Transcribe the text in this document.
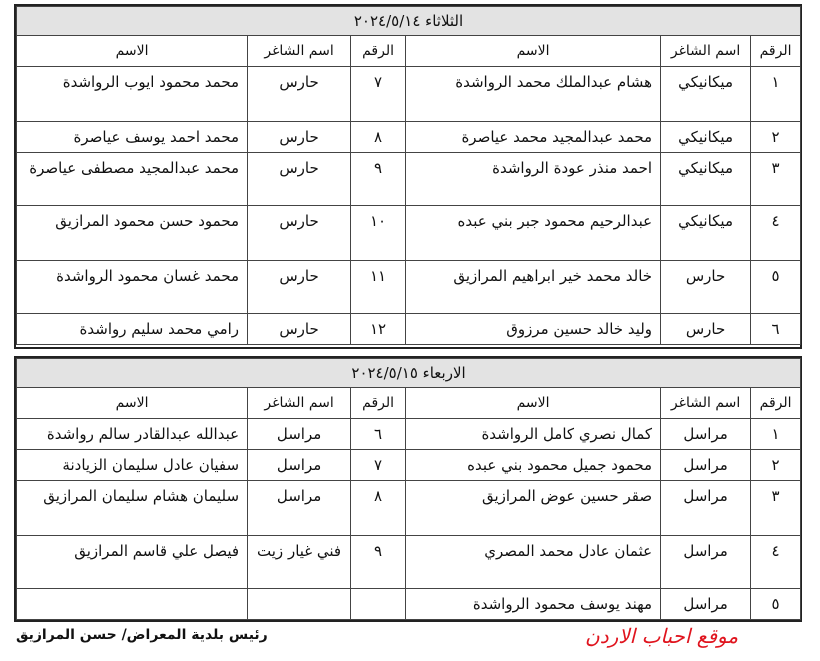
الثلاثاء ٢٠٢٤/٥/١٤					
الرقم	اسم الشاغر	الاسم	الرقم	اسم الشاغر	الاسم
١	ميكانيكي	هشام عبدالملك محمد الرواشدة	٧	حارس	محمد محمود ايوب الرواشدة
٢	ميكانيكي	محمد عبدالمجيد محمد عياصرة	٨	حارس	محمد احمد يوسف عياصرة
٣	ميكانيكي	احمد منذر عودة الرواشدة	٩	حارس	محمد عبدالمجيد مصطفى عياصرة
٤	ميكانيكي	عبدالرحيم محمود جبر بني عبده	١٠	حارس	محمود حسن محمود المرازيق
٥	حارس	خالد محمد خير ابراهيم المرازيق	١١	حارس	محمد غسان محمود الرواشدة
٦	حارس	وليد خالد حسين مرزوق	١٢	حارس	رامي محمد سليم رواشدة
الاربعاء ٢٠٢٤/٥/١٥					
الرقم	اسم الشاغر	الاسم	الرقم	اسم الشاغر	الاسم
١	مراسل	كمال نصري كامل الرواشدة	٦	مراسل	عبدالله عبدالقادر سالم رواشدة
٢	مراسل	محمود جميل محمود بني عبده	٧	مراسل	سفيان عادل سليمان الزيادنة
٣	مراسل	صقر حسين عوض المرازيق	٨	مراسل	سليمان هشام سليمان المرازيق
٤	مراسل	عثمان عادل محمد المصري	٩	فني غيار زيت	فيصل علي قاسم المرازيق
٥	مراسل	مهند يوسف محمود الرواشدة			
رئيس بلدية المعراض/ حسن المرازيق	موقع احباب الاردن
